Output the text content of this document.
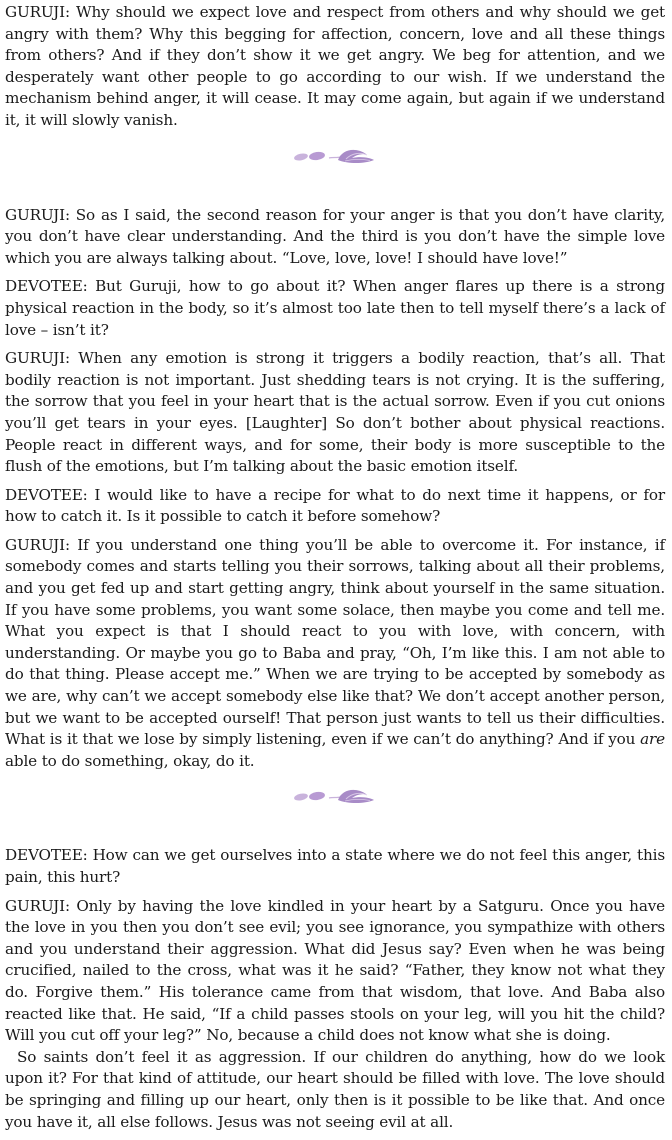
GURUJI: Why should we expect love and respect from others and why should we get angry with them? Why this begging for affection, concern, love and all these things from others? And if they don’t show it we get angry. We beg for attention, and we desperately want other people to go according to our wish. If we understand the mechanism behind anger, it will cease. It may come again, but again if we understand it, it will slowly vanish.

GURUJI: So as I said, the second reason for your anger is that you don’t have clarity, you don’t have clear understanding. And the third is you don’t have the simple love which you are always talking about. “Love, love, love! I should have love!”

DEVOTEE: But Guruji, how to go about it? When anger flares up there is a strong physical reaction in the body, so it’s almost too late then to tell myself there’s a lack of love – isn’t it?

GURUJI: When any emotion is strong it triggers a bodily reaction, that’s all. That bodily reaction is not important. Just shedding tears is not crying. It is the suffering, the sorrow that you feel in your heart that is the actual sorrow. Even if you cut onions you’ll get tears in your eyes. [Laughter] So don’t bother about physical reactions. People react in different ways, and for some, their body is more susceptible to the flush of the emotions, but I’m talking about the basic emotion itself.

DEVOTEE: I would like to have a recipe for what to do next time it happens, or for how to catch it. Is it possible to catch it before somehow?

GURUJI: If you understand one thing you’ll be able to overcome it. For instance, if somebody comes and starts telling you their sorrows, talking about all their problems, and you get fed up and start getting angry, think about yourself in the same situation. If you have some problems, you want some solace, then maybe you come and tell me. What you expect is that I should react to you with love, with concern, with understanding. Or maybe you go to Baba and pray, “Oh, I’m like this. I am not able to do that thing. Please accept me.” When we are trying to be accepted by somebody as we are, why can’t we accept somebody else like that? We don’t accept another person, but we want to be accepted ourself! That person just wants to tell us their difficulties. What is it that we lose by simply listening, even if we can’t do anything? And if you are able to do something, okay, do it.

DEVOTEE: How can we get ourselves into a state where we do not feel this anger, this pain, this hurt?

GURUJI: Only by having the love kindled in your heart by a Satguru. Once you have the love in you then you don’t see evil; you see ignorance, you sympathize with others and you understand their aggression. What did Jesus say? Even when he was being crucified, nailed to the cross, what was it he said? “Father, they know not what they do. Forgive them.” His tolerance came from that wisdom, that love. And Baba also reacted like that. He said, “If a child passes stools on your leg, will you hit the child? Will you cut off your leg?” No, because a child does not know what she is doing.

So saints don’t feel it as aggression. If our children do anything, how do we look upon it? For that kind of attitude, our heart should be filled with love. The love should be springing and filling up our heart, only then is it possible to be like that. And once you have it, all else follows. Jesus was not seeing evil at all.
